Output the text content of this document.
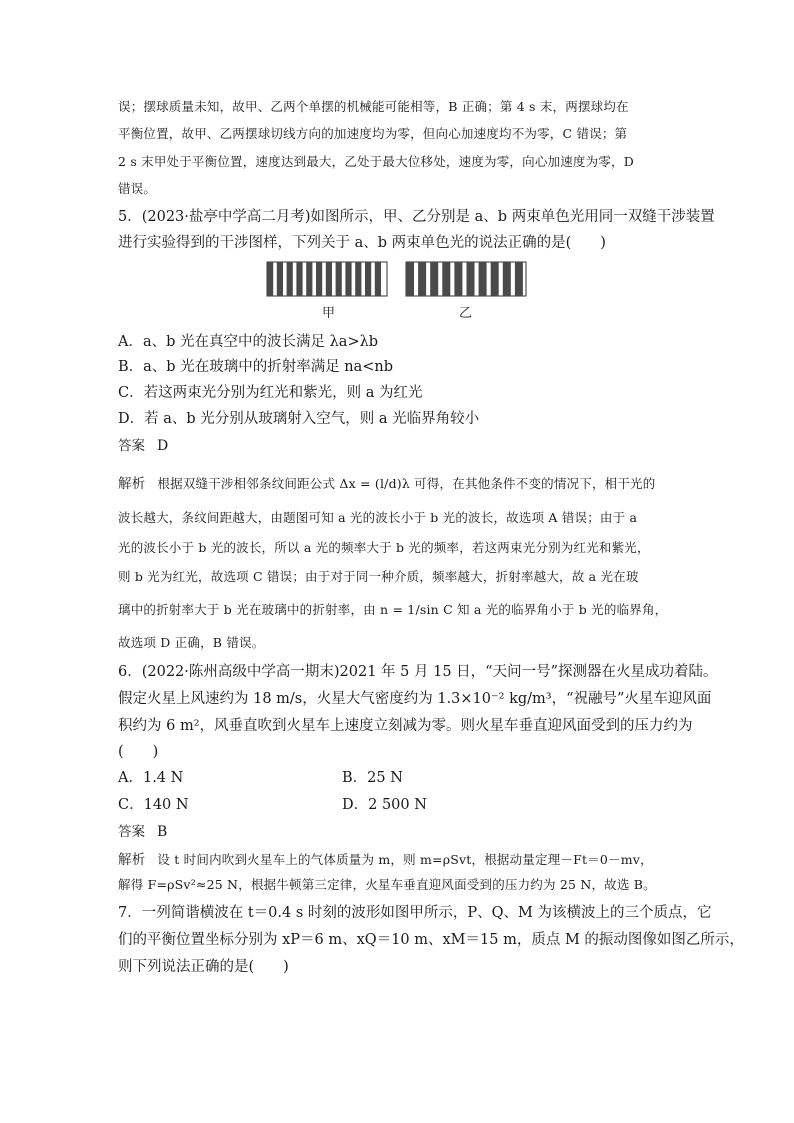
误；摆球质量未知，故甲、乙两个单摆的机械能可能相等，B 正确；第 4 s 末，两摆球均在
平衡位置，故甲、乙两摆球切线方向的加速度均为零，但向心加速度均不为零，C 错误；第
2 s 末甲处于平衡位置，速度达到最大，乙处于最大位移处，速度为零，向心加速度为零，D
错误。
5．(2023·盐亭中学高二月考)如图所示，甲、乙分别是 a、b 两束单色光用同一双缝干涉装置
进行实验得到的干涉图样，下列关于 a、b 两束单色光的说法正确的是(　　)
甲	乙
A．a、b 光在真空中的波长满足 λa>λb
B．a、b 光在玻璃中的折射率满足 na<nb
C．若这两束光分别为红光和紫光，则 a 为红光
D．若 a、b 光分别从玻璃射入空气，则 a 光临界角较小
答案 D
解析 根据双缝干涉相邻条纹间距公式 Δx = (l/d)λ 可得，在其他条件不变的情况下，相干光的
波长越大，条纹间距越大，由题图可知 a 光的波长小于 b 光的波长，故选项 A 错误；由于 a
光的波长小于 b 光的波长，所以 a 光的频率大于 b 光的频率，若这两束光分别为红光和紫光，
则 b 光为红光，故选项 C 错误；由于对于同一种介质，频率越大，折射率越大，故 a 光在玻
璃中的折射率大于 b 光在玻璃中的折射率，由 n = 1/sin C 知 a 光的临界角小于 b 光的临界角，
故选项 D 正确，B 错误。
6．(2022·陈州高级中学高一期末)2021 年 5 月 15 日，“天问一号”探测器在火星成功着陆。
假定火星上风速约为 18 m/s，火星大气密度约为 1.3×10⁻² kg/m³，“祝融号”火星车迎风面
积约为 6 m²，风垂直吹到火星车上速度立刻减为零。则火星车垂直迎风面受到的压力约为
(　　)
A．1.4 N	B．25 N
C．140 N	D．2 500 N
答案 B
解析 设 t 时间内吹到火星车上的气体质量为 m，则 m=ρSvt，根据动量定理－Ft＝0－mv，
解得 F=ρSv²≈25 N，根据牛顿第三定律，火星车垂直迎风面受到的压力约为 25 N，故选 B。
7．一列简谐横波在 t＝0.4 s 时刻的波形如图甲所示，P、Q、M 为该横波上的三个质点，它
们的平衡位置坐标分别为 xP＝6 m、xQ＝10 m、xM＝15 m，质点 M 的振动图像如图乙所示，
则下列说法正确的是(　　)
